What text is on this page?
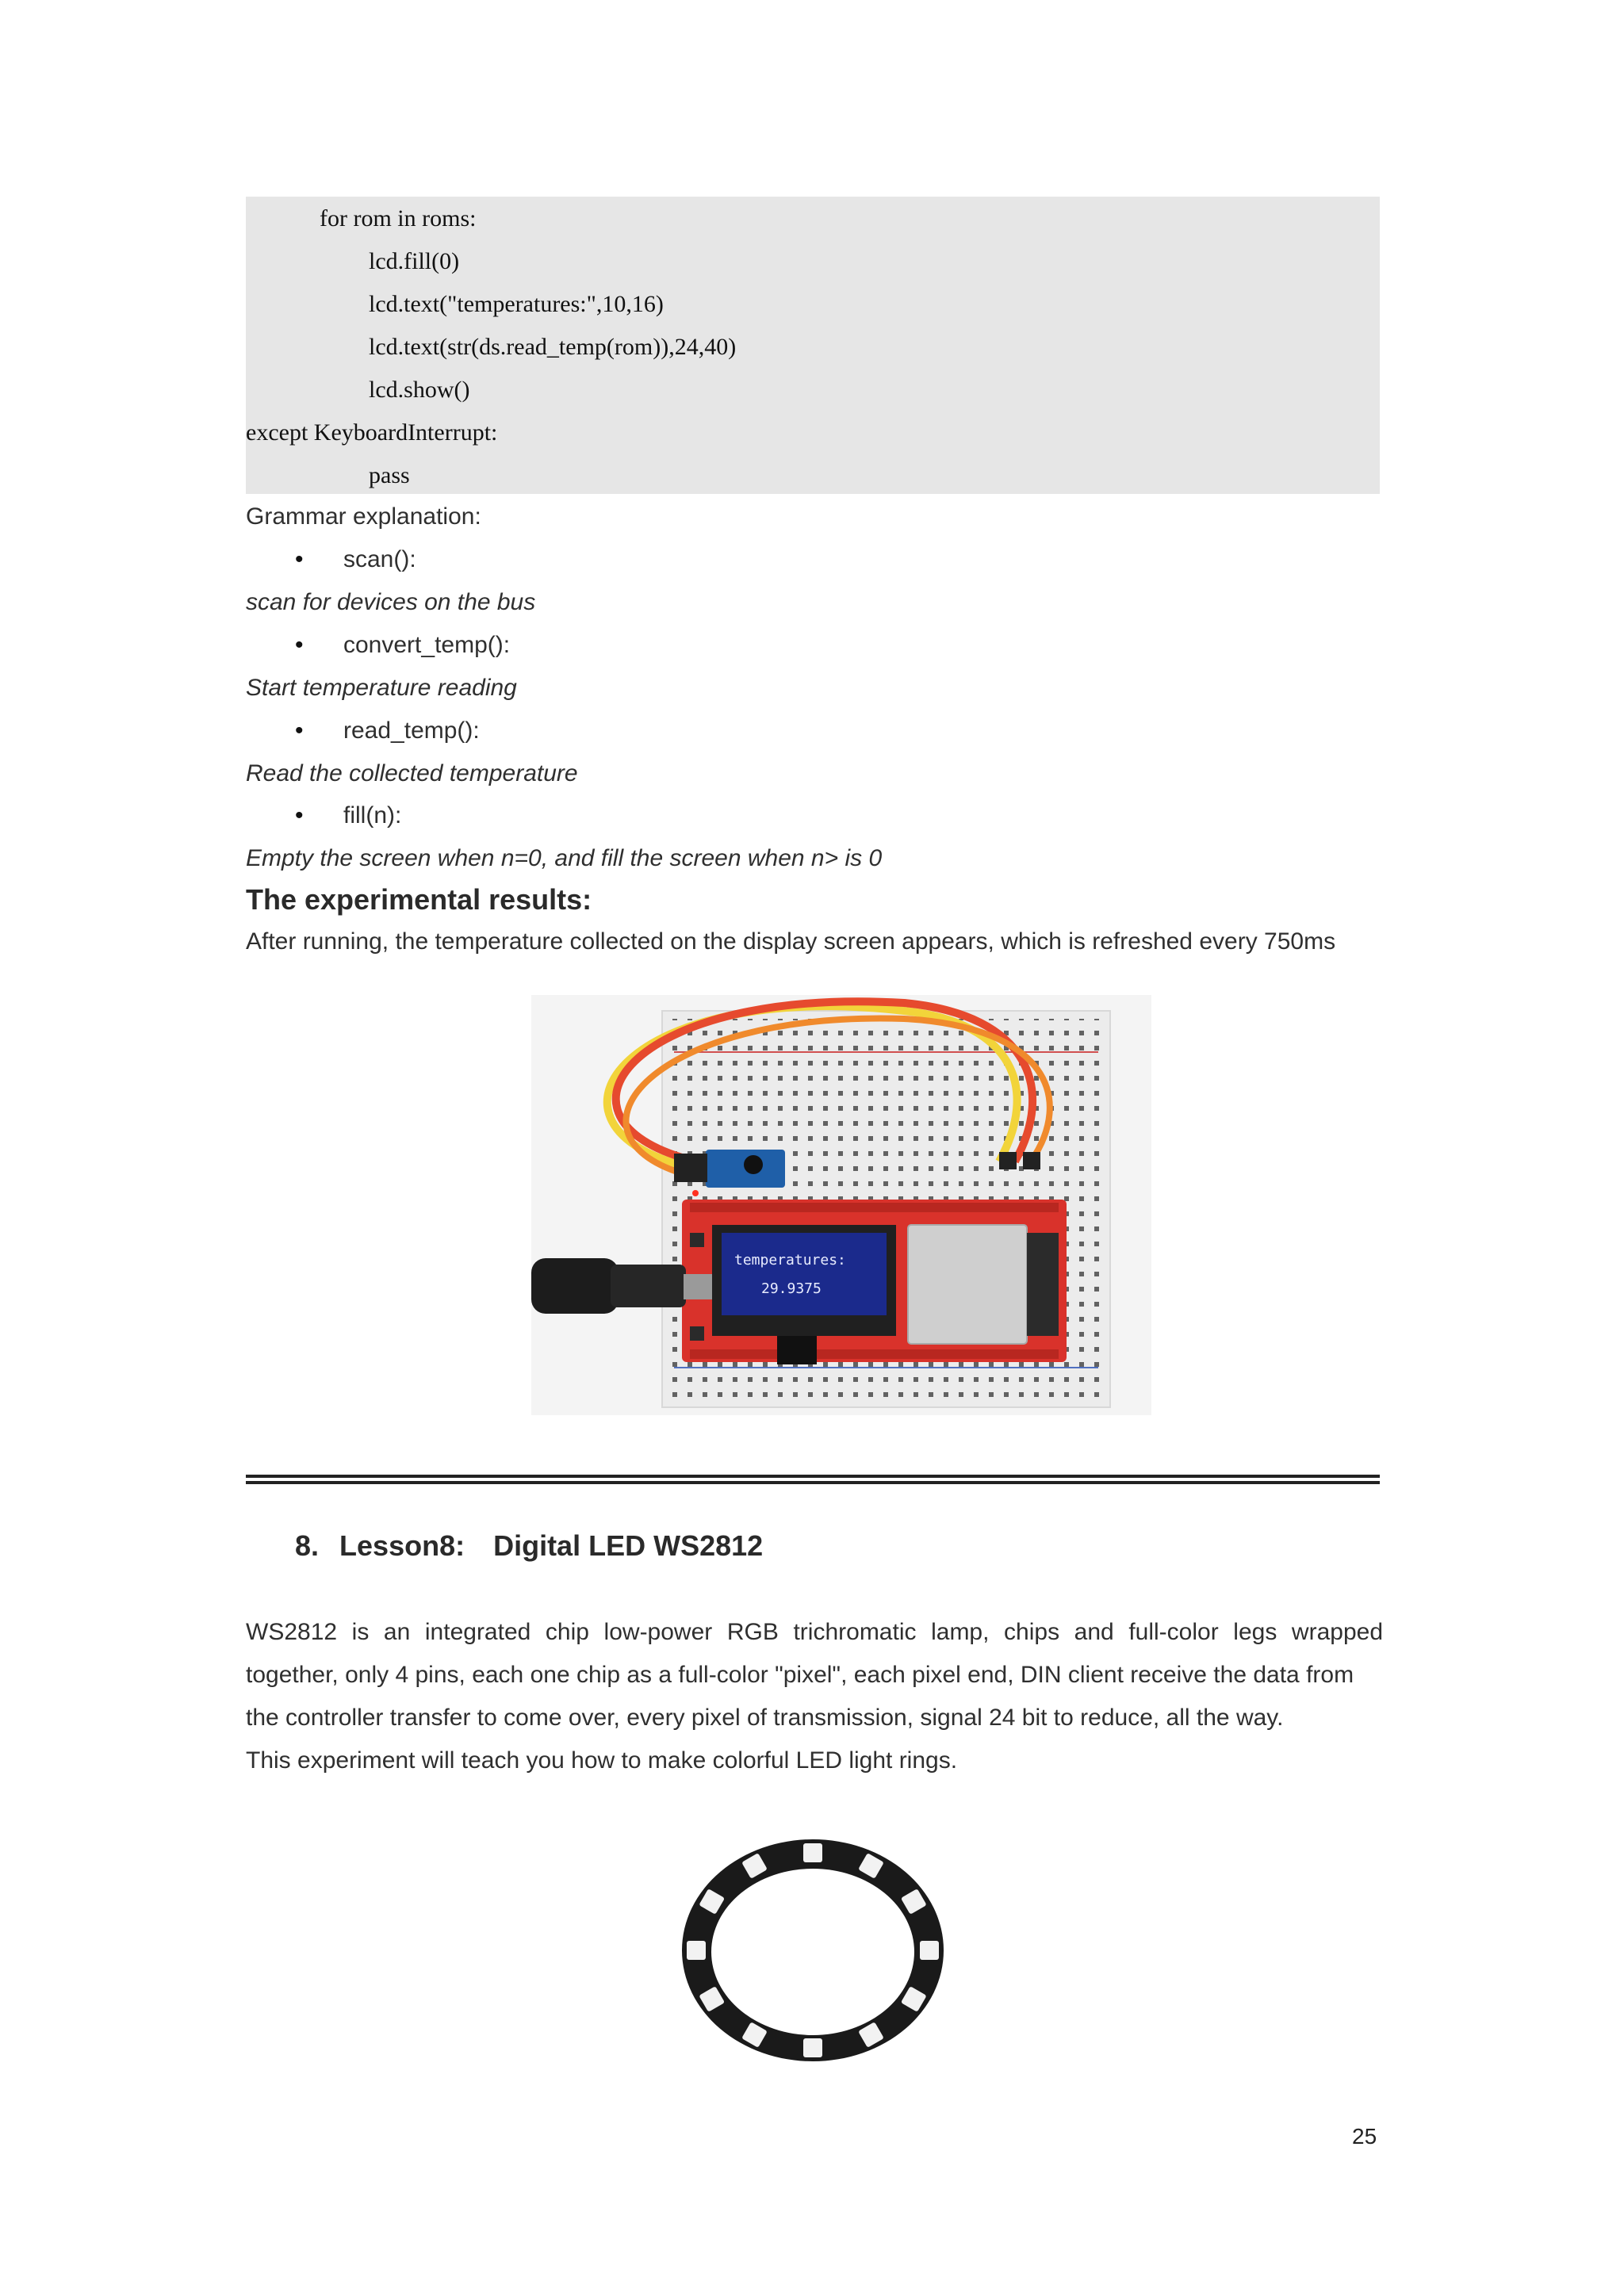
for rom in roms:
lcd.fill(0)
lcd.text("temperatures:",10,16)
lcd.text(str(ds.read_temp(rom)),24,40)
lcd.show()
except KeyboardInterrupt:
pass
Grammar explanation:
• scan():
scan for devices on the bus
• convert_temp():
Start temperature reading
• read_temp():
Read the collected temperature
• fill(n):
Empty the screen when n=0, and fill the screen when n> is 0
The experimental results:
After running, the temperature collected on the display screen appears, which is refreshed every 750ms
temperatures:
29.9375
8. Lesson8: Digital LED WS2812
WS2812 is an integrated chip low-power RGB trichromatic lamp, chips and full-color legs wrapped
together, only 4 pins, each one chip as a full-color "pixel", each pixel end, DIN client receive the data from
the controller transfer to come over, every pixel of transmission, signal 24 bit to reduce, all the way.
This experiment will teach you how to make colorful LED light rings.
25
